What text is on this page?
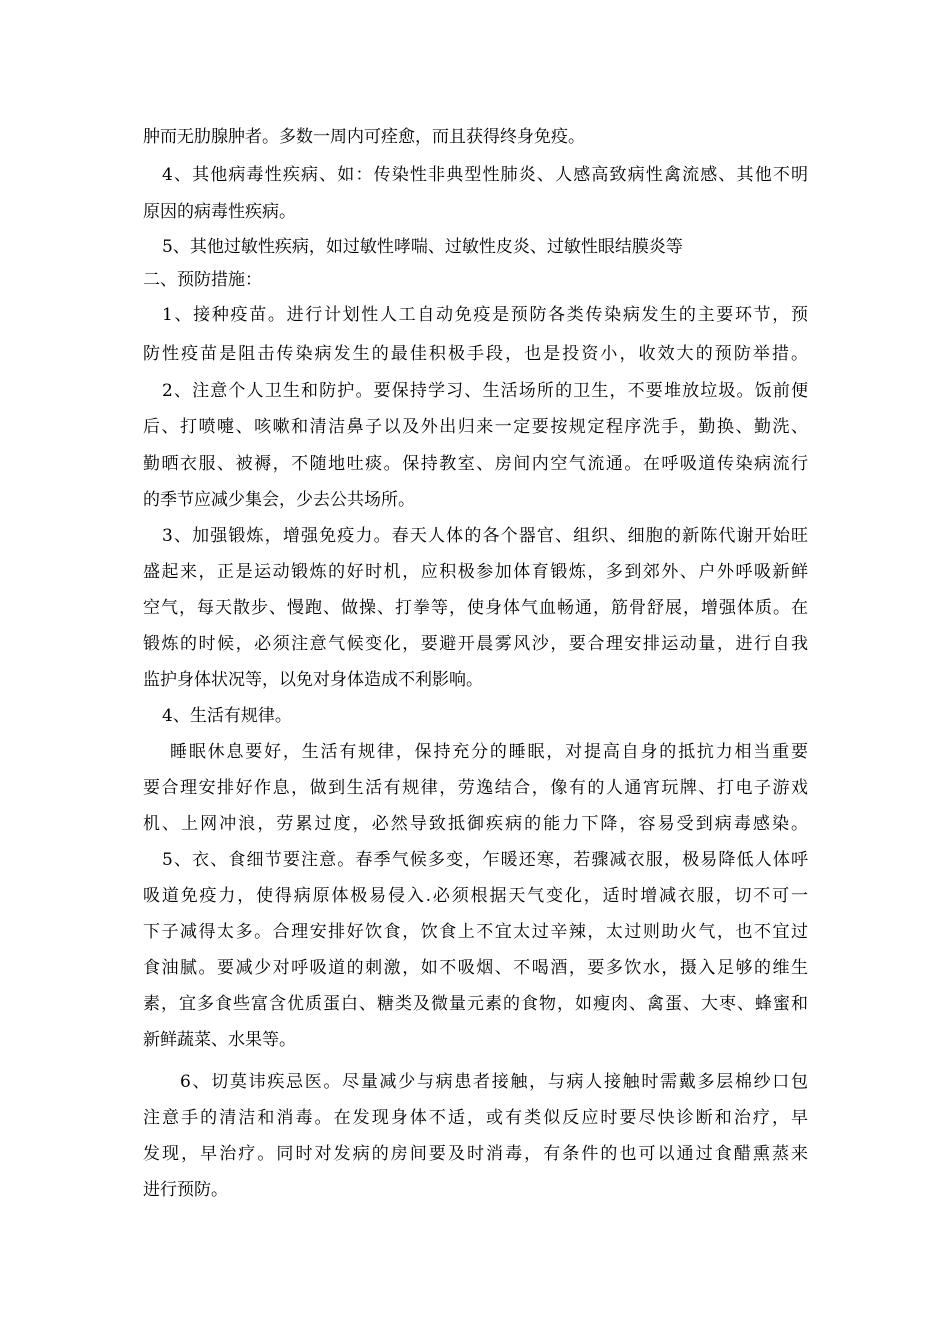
肿而无肋腺肿者。多数一周内可痊愈，而且获得终身免疫。
4、其他病毒性疾病、如：传染性非典型性肺炎、人感高致病性禽流感、其他不明
原因的病毒性疾病。
5、其他过敏性疾病，如过敏性哮喘、过敏性皮炎、过敏性眼结膜炎等
二、预防措施：
1、接种疫苗。进行计划性人工自动免疫是预防各类传染病发生的主要环节，预
防性疫苗是阻击传染病发生的最佳积极手段，也是投资小，收效大的预防举措。
2、注意个人卫生和防护。要保持学习、生活场所的卫生，不要堆放垃圾。饭前便
后、打喷嚏、咳嗽和清洁鼻子以及外出归来一定要按规定程序洗手，勤换、勤洗、
勤晒衣服、被褥，不随地吐痰。保持教室、房间内空气流通。在呼吸道传染病流行
的季节应减少集会，少去公共场所。
3、加强锻炼，增强免疫力。春天人体的各个器官、组织、细胞的新陈代谢开始旺
盛起来，正是运动锻炼的好时机，应积极参加体育锻炼，多到郊外、户外呼吸新鲜
空气，每天散步、慢跑、做操、打拳等，使身体气血畅通，筋骨舒展，增强体质。在
锻炼的时候，必须注意气候变化，要避开晨雾风沙，要合理安排运动量，进行自我
监护身体状况等，以免对身体造成不利影响。
4、生活有规律。
睡眠休息要好，生活有规律，保持充分的睡眠，对提高自身的抵抗力相当重要
要合理安排好作息，做到生活有规律，劳逸结合，像有的人通宵玩牌、打电子游戏
机、上网冲浪，劳累过度，必然导致抵御疾病的能力下降，容易受到病毒感染。
5、衣、食细节要注意。春季气候多变，乍暖还寒，若骤减衣服，极易降低人体呼
吸道免疫力，使得病原体极易侵入.必须根据天气变化，适时增减衣服，切不可一
下子减得太多。合理安排好饮食，饮食上不宜太过辛辣，太过则助火气，也不宜过
食油腻。要减少对呼吸道的刺激，如不吸烟、不喝酒，要多饮水，摄入足够的维生
素，宜多食些富含优质蛋白、糖类及微量元素的食物，如瘦肉、禽蛋、大枣、蜂蜜和
新鲜蔬菜、水果等。
6、切莫讳疾忌医。尽量减少与病患者接触，与病人接触时需戴多层棉纱口包
注意手的清洁和消毒。在发现身体不适，或有类似反应时要尽快诊断和治疗，早
发现，早治疗。同时对发病的房间要及时消毒，有条件的也可以通过食醋熏蒸来
进行预防。
